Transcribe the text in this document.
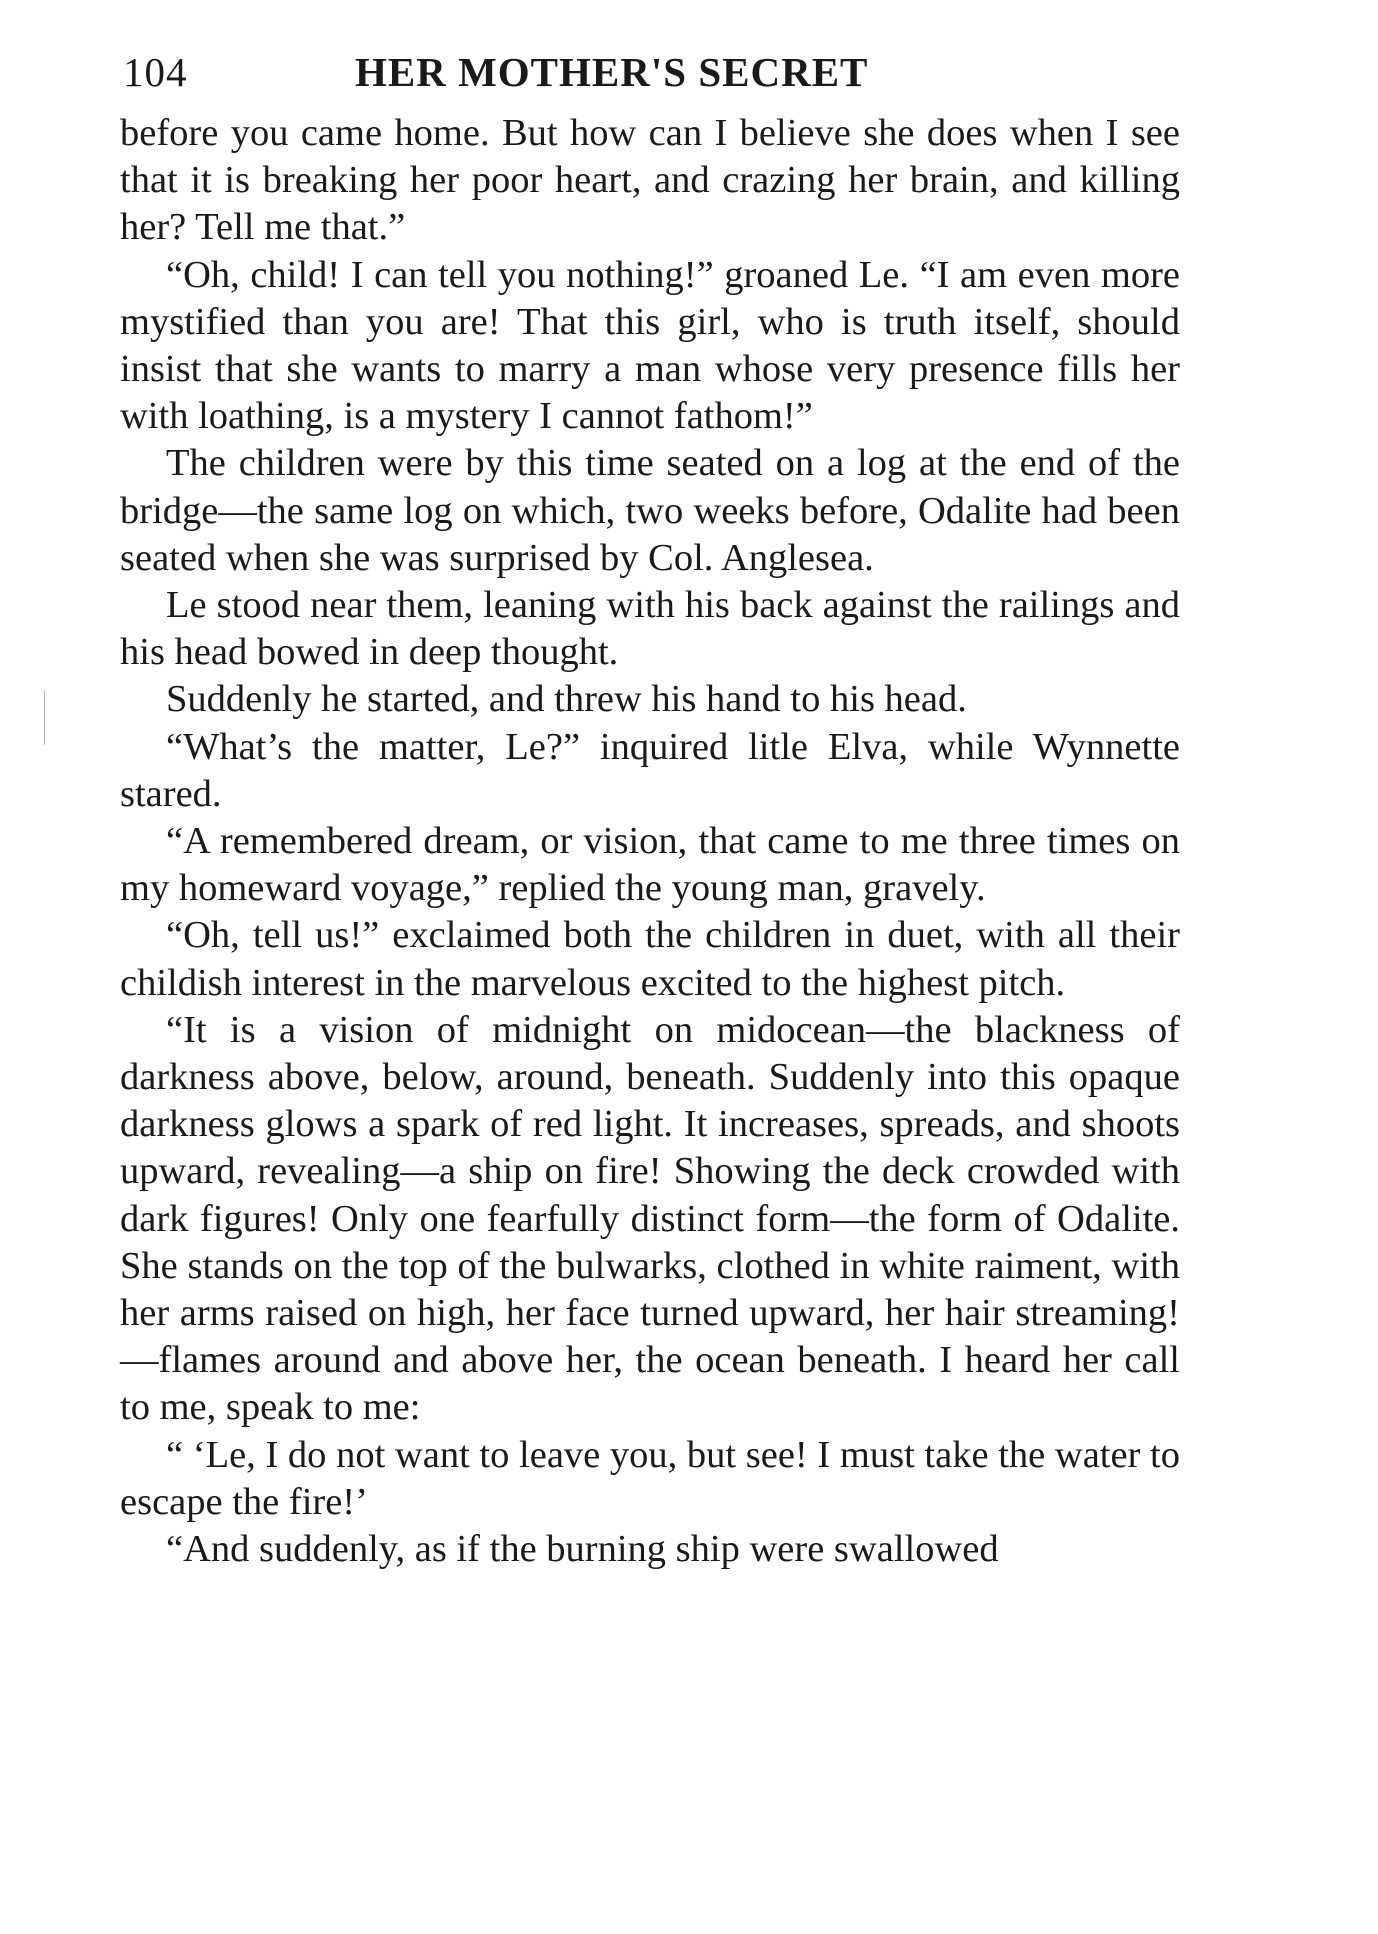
104	HER MOTHER'S SECRET

before you came home. But how can I believe she does when I see that it is breaking her poor heart, and crazing her brain, and killing her? Tell me that.”

“Oh, child! I can tell you nothing!” groaned Le. “I am even more mystified than you are! That this girl, who is truth itself, should insist that she wants to marry a man whose very presence fills her with loathing, is a mystery I cannot fathom!”

The children were by this time seated on a log at the end of the bridge—the same log on which, two weeks before, Odalite had been seated when she was surprised by Col. Anglesea.

Le stood near them, leaning with his back against the railings and his head bowed in deep thought.

Suddenly he started, and threw his hand to his head.

“What’s the matter, Le?” inquired litle Elva, while Wynnette stared.

“A remembered dream, or vision, that came to me three times on my homeward voyage,” replied the young man, gravely.

“Oh, tell us!” exclaimed both the children in duet, with all their childish interest in the marvelous excited to the highest pitch.

“It is a vision of midnight on midocean—the blackness of darkness above, below, around, beneath. Suddenly into this opaque darkness glows a spark of red light. It increases, spreads, and shoots upward, revealing—a ship on fire! Showing the deck crowded with dark figures! Only one fearfully distinct form—the form of Odalite. She stands on the top of the bulwarks, clothed in white raiment, with her arms raised on high, her face turned upward, her hair streaming!—flames around and above her, the ocean beneath. I heard her call to me, speak to me:

“ ‘Le, I do not want to leave you, but see! I must take the water to escape the fire!’

“And suddenly, as if the burning ship were swallowed
